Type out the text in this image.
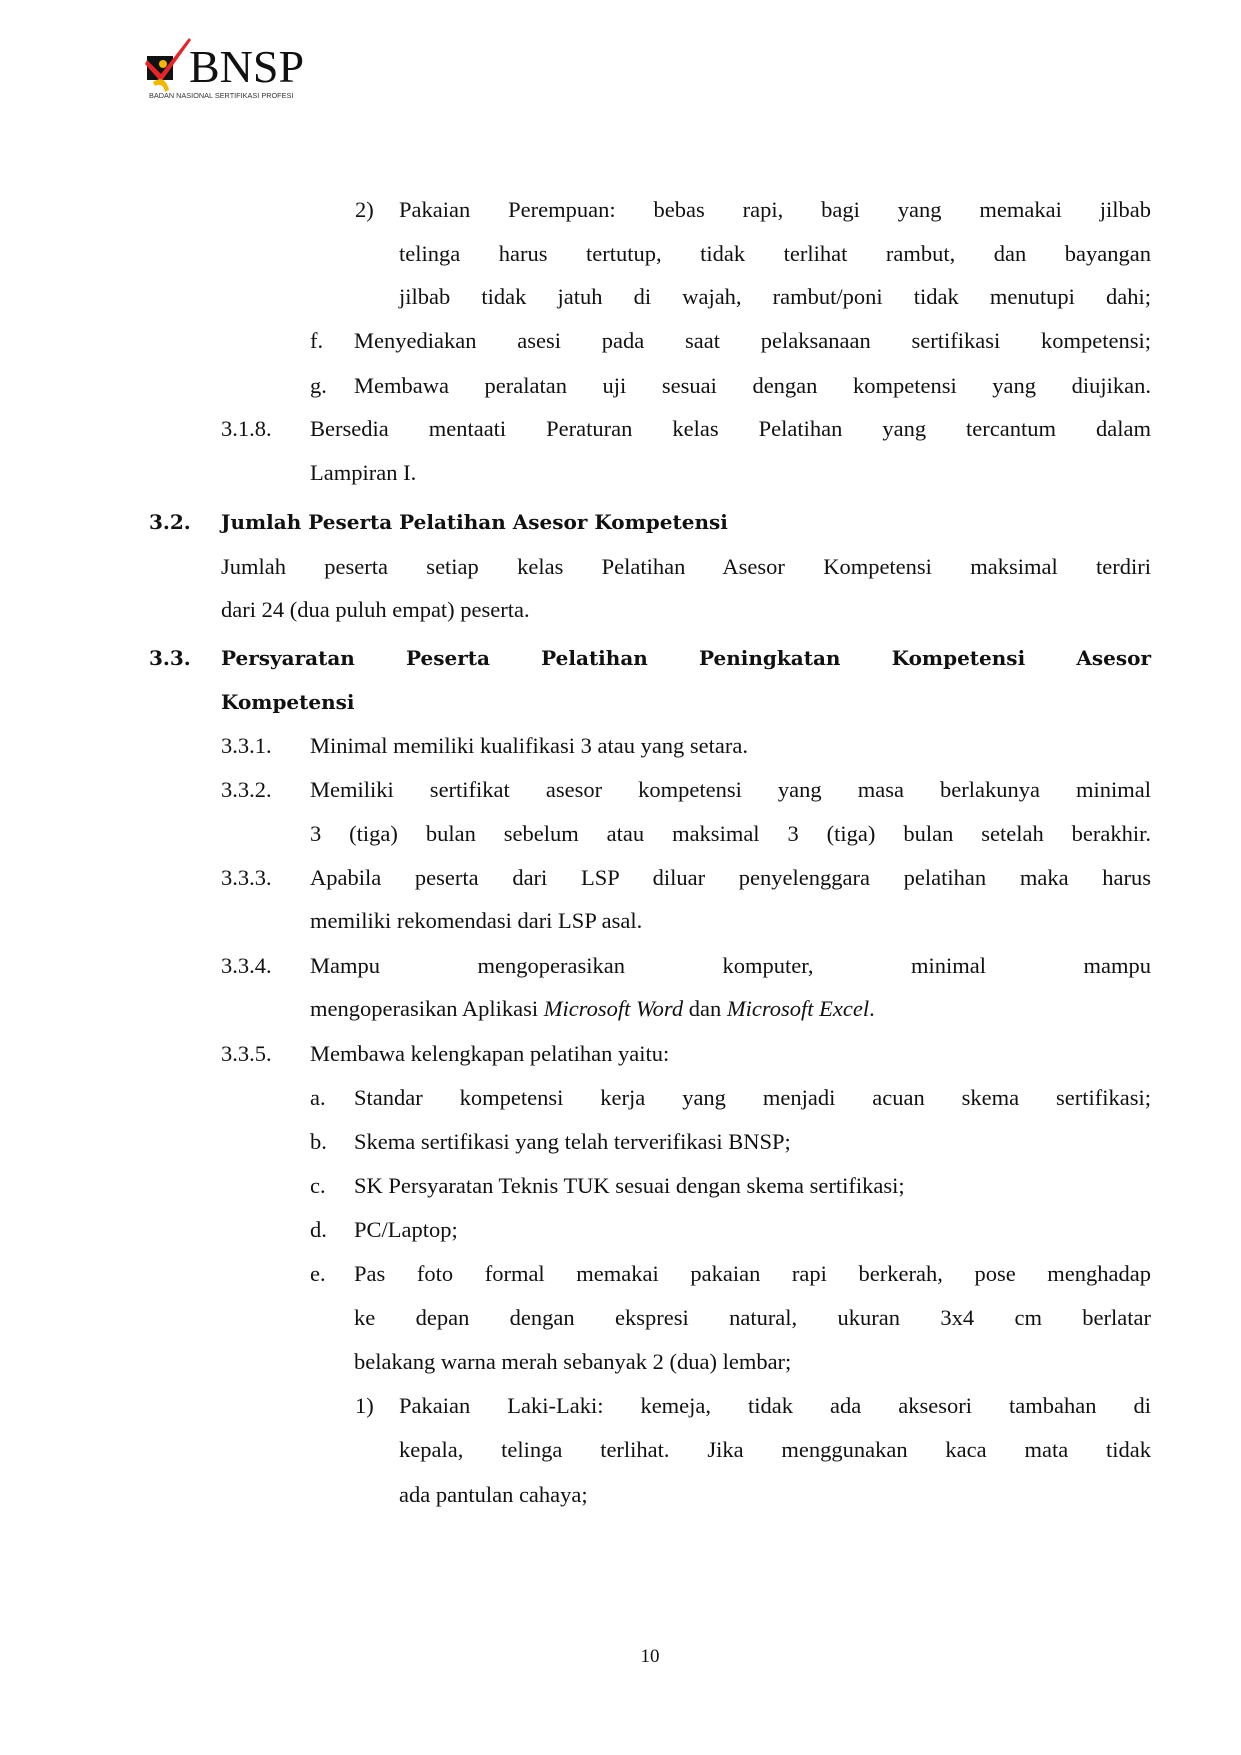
BNSP
BADAN NASIONAL SERTIFIKASI PROFESI
2) Pakaian Perempuan: bebas rapi, bagi yang memakai jilbab
telinga harus tertutup, tidak terlihat rambut, dan bayangan
jilbab tidak jatuh di wajah, rambut/poni tidak menutupi dahi;
f. Menyediakan asesi pada saat pelaksanaan sertifikasi kompetensi;
g. Membawa peralatan uji sesuai dengan kompetensi yang diujikan.
3.1.8. Bersedia mentaati Peraturan kelas Pelatihan yang tercantum dalam
Lampiran I.
3.2. Jumlah Peserta Pelatihan Asesor Kompetensi
Jumlah peserta setiap kelas Pelatihan Asesor Kompetensi maksimal terdiri
dari 24 (dua puluh empat) peserta.
3.3. Persyaratan Peserta Pelatihan Peningkatan Kompetensi Asesor
Kompetensi
3.3.1. Minimal memiliki kualifikasi 3 atau yang setara.
3.3.2. Memiliki sertifikat asesor kompetensi yang masa berlakunya minimal
3 (tiga) bulan sebelum atau maksimal 3 (tiga) bulan setelah berakhir.
3.3.3. Apabila peserta dari LSP diluar penyelenggara pelatihan maka harus
memiliki rekomendasi dari LSP asal.
3.3.4. Mampu mengoperasikan komputer, minimal mampu
mengoperasikan Aplikasi Microsoft Word dan Microsoft Excel.
3.3.5. Membawa kelengkapan pelatihan yaitu:
a. Standar kompetensi kerja yang menjadi acuan skema sertifikasi;
b. Skema sertifikasi yang telah terverifikasi BNSP;
c. SK Persyaratan Teknis TUK sesuai dengan skema sertifikasi;
d. PC/Laptop;
e. Pas foto formal memakai pakaian rapi berkerah, pose menghadap
ke depan dengan ekspresi natural, ukuran 3x4 cm berlatar
belakang warna merah sebanyak 2 (dua) lembar;
1) Pakaian Laki-Laki: kemeja, tidak ada aksesori tambahan di
kepala, telinga terlihat. Jika menggunakan kaca mata tidak
ada pantulan cahaya;
10
